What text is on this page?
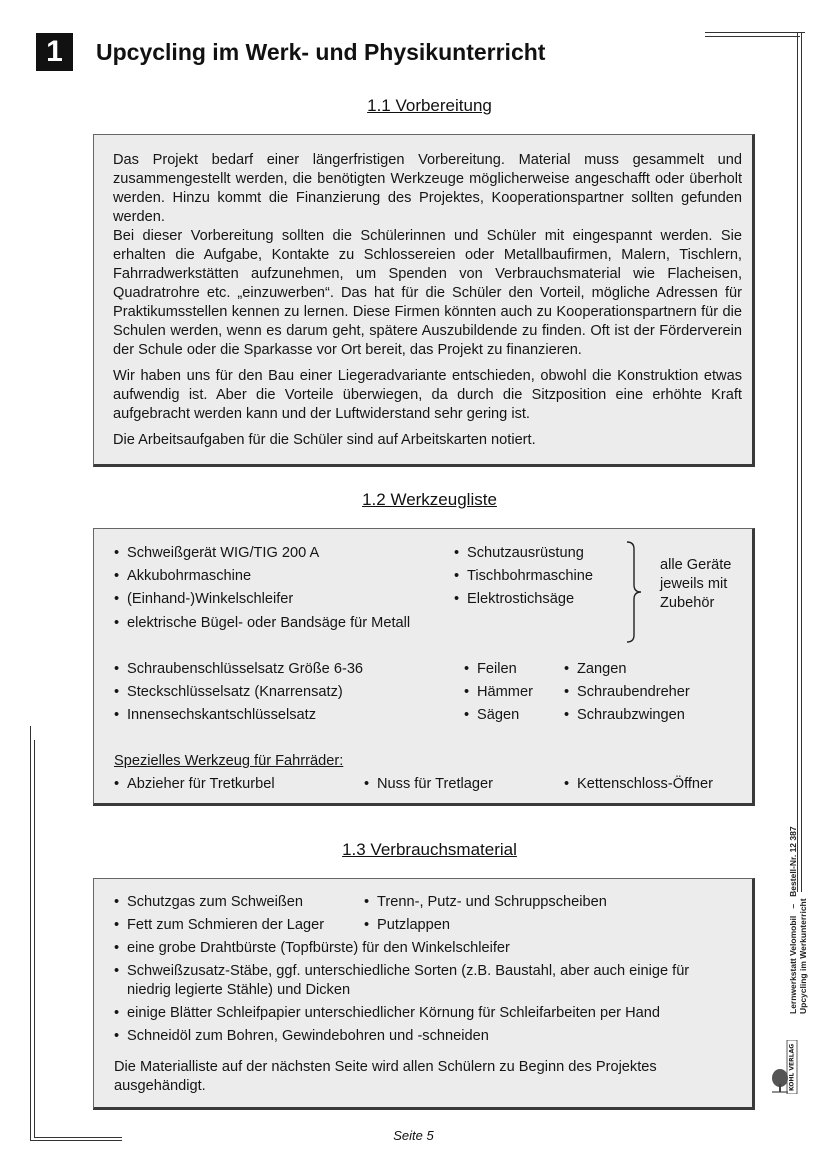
1	Upcycling im Werk- und Physikunterricht
1.1 Vorbereitung

Das Projekt bedarf einer längerfristigen Vorbereitung. Material muss gesammelt und zusammengestellt werden, die benötigten Werkzeuge möglicherweise angeschafft oder überholt werden. Hinzu kommt die Finanzierung des Projektes, Kooperationspartner sollten gefunden werden.

Bei dieser Vorbereitung sollten die Schülerinnen und Schüler mit eingespannt werden. Sie erhalten die Aufgabe, Kontakte zu Schlossereien oder Metallbaufirmen, Malern, Tischlern, Fahrradwerkstätten aufzunehmen, um Spenden von Verbrauchsmaterial wie Flacheisen, Quadratrohre etc. „einzuwerben“. Das hat für die Schüler den Vorteil, mögliche Adressen für Praktikumsstellen kennen zu lernen. Diese Firmen könnten auch zu Kooperationspartnern für die Schulen werden, wenn es darum geht, spätere Auszubildende zu finden. Oft ist der Förderverein der Schule oder die Sparkasse vor Ort bereit, das Projekt zu finanzieren.

Wir haben uns für den Bau einer Liegeradvariante entschieden, obwohl die Konstruktion etwas aufwendig ist. Aber die Vorteile überwiegen, da durch die Sitzposition eine erhöhte Kraft aufgebracht werden kann und der Luftwiderstand sehr gering ist.

Die Arbeitsaufgaben für die Schüler sind auf Arbeitskarten notiert.

1.2 Werkzeugliste
• Schweißgerät WIG/TIG 200 A
• Akkubohrmaschine
• (Einhand-)Winkelschleifer
• elektrische Bügel- oder Bandsäge für Metall
• Schutzausrüstung
• Tischbohrmaschine
• Elektrostichsäge
alle Geräte
jeweils mit
Zubehör
• Schraubenschlüsselsatz Größe 6-36
• Steckschlüsselsatz (Knarrensatz)
• Innensechskantschlüsselsatz
• Feilen
• Hämmer
• Sägen
• Zangen
• Schraubendreher
• Schraubzwingen
Spezielles Werkzeug für Fahrräder:
• Abzieher für Tretkurbel	• Nuss für Tretlager	• Kettenschloss-Öffner
1.3 Verbrauchsmaterial
• Schutzgas zum Schweißen	• Trenn-, Putz- und Schruppscheiben
• Fett zum Schmieren der Lager	• Putzlappen
• eine grobe Drahtbürste (Topfbürste) für den Winkelschleifer
• Schweißzusatz-Stäbe, ggf. unterschiedliche Sorten (z.B. Baustahl, aber auch einige für
niedrig legierte Stähle) und Dicken
• einige Blätter Schleifpapier unterschiedlicher Körnung für Schleifarbeiten per Hand
• Schneidöl zum Bohren, Gewindebohren und -schneiden
Die Materialliste auf der nächsten Seite wird allen Schülern zu Beginn des Projektes ausgehändigt.
Lernwerkstatt Velomobil   –   Bestell-Nr. 12 387
Upcycling im Werkunterricht
KOHL VERLAG
Seite 5
